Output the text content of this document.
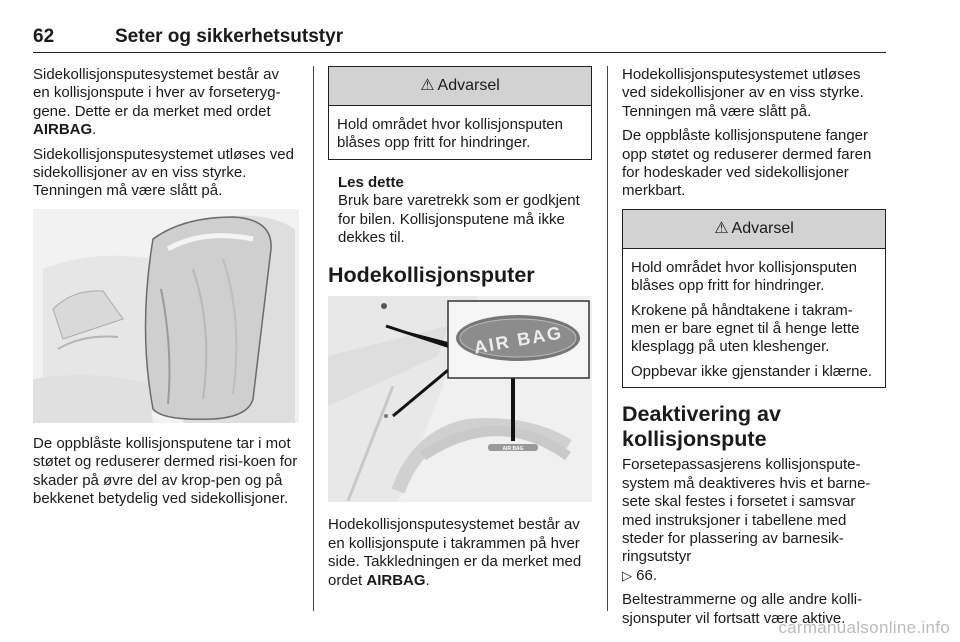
62	Seter og sikkerhetsutstyr

Sidekollisjonsputesystemet består av en kollisjonspute i hver av forseteryg-gene. Dette er da merket med ordet AIRBAG.

Sidekollisjonsputesystemet utløses ved sidekollisjoner av en viss styrke. Tenningen må være slått på.

De oppblåste kollisjonsputene tar i mot støtet og reduserer dermed risi-koen for skader på øvre del av krop-pen og på bekkenet betydelig ved sidekollisjoner.

⚠ Advarsel

Hold området hvor kollisjonsputen blåses opp fritt for hindringer.

Les dette
Bruk bare varetrekk som er godkjent for bilen. Kollisjonsputene må ikke dekkes til.
Hodekollisjonsputer
AIR BAG
AIR BAG

Hodekollisjonsputesystemet består av en kollisjonspute i takrammen på hver side. Takkledningen er da merket med ordet AIRBAG.

Hodekollisjonsputesystemet utløses ved sidekollisjoner av en viss styrke. Tenningen må være slått på.

De oppblåste kollisjonsputene fanger opp støtet og reduserer dermed faren for hodeskader ved sidekollisjoner merkbart.

⚠ Advarsel

Hold området hvor kollisjonsputen blåses opp fritt for hindringer.

Krokene på håndtakene i takram-men er bare egnet til å henge lette klesplagg på uten kleshenger.

Oppbevar ikke gjenstander i klærne.

Deaktivering av kollisjonspute

Forsetepassasjerens kollisjonspute-system må deaktiveres hvis et barne-sete skal festes i forsetet i samsvar med instruksjoner i tabellene med steder for plassering av barnesik-ringsutstyr

▷ 66.

Beltestrammerne og alle andre kolli-sjonsputer vil fortsatt være aktive.

carmanualsonline.info
